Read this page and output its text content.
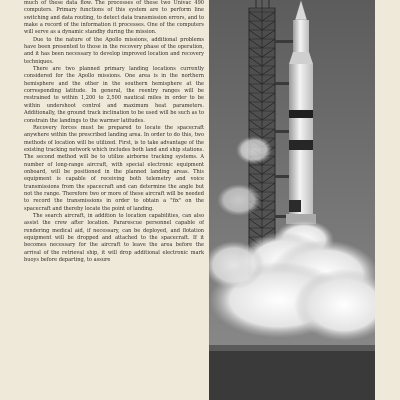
much of these data flow. The processes of these two Univac 490 computers. Primary functions of this system are to perform line switching and data routing, to detect data transmission errors, and to make a record of the information it processes. One of the computers will serve as a dynamic standby during the mission.

Due to the nature of the Apollo missions, additional problems have been presented to those in the recovery phase of the operation, and it has been necessary to develop improved location and recovery techniques.

There are two planned primary landing locations currently considered for the Apollo missions. One area is in the northern hemisphere and the other in the southern hemisphere at the corresponding latitude. In general, the reentry ranges will be restrained to within 1,200 to 2,500 nautical miles in order to be within undershoot control and maximum heat parameters. Additionally, the ground track inclination to be used will be such as to constrain the landings to the warmer latitudes.

Recovery forces must be prepared to locate the spacecraft anywhere within the prescribed landing area. In order to do this, two methods of location will be utilized. First, is to take advantage of the existing tracking network which includes both land and ship stations. The second method will be to utilize airborne tracking systems. A number of long-range aircraft, with special electronic equipment onboard, will be positioned in the planned landing areas. This equipment is capable of receiving both telemetry and voice transmissions from the spacecraft and can determine the angle but not the range. Therefore two or more of these aircraft will be needed to record the transmissions in order to obtain a "fix" on the spacecraft and thereby locate the point of landing.

The search aircraft, in addition to location capabilities, can also assist the crew after location. Pararescue personnel capable of rendering medical aid, if necessary, can be deployed, and flotation equipment will be dropped and attached to the spacecraft. If it becomes necessary for the aircraft to leave the area before the arrival of the retrieval ship, it will drop additional electronic mark buoys before departing, to assure
